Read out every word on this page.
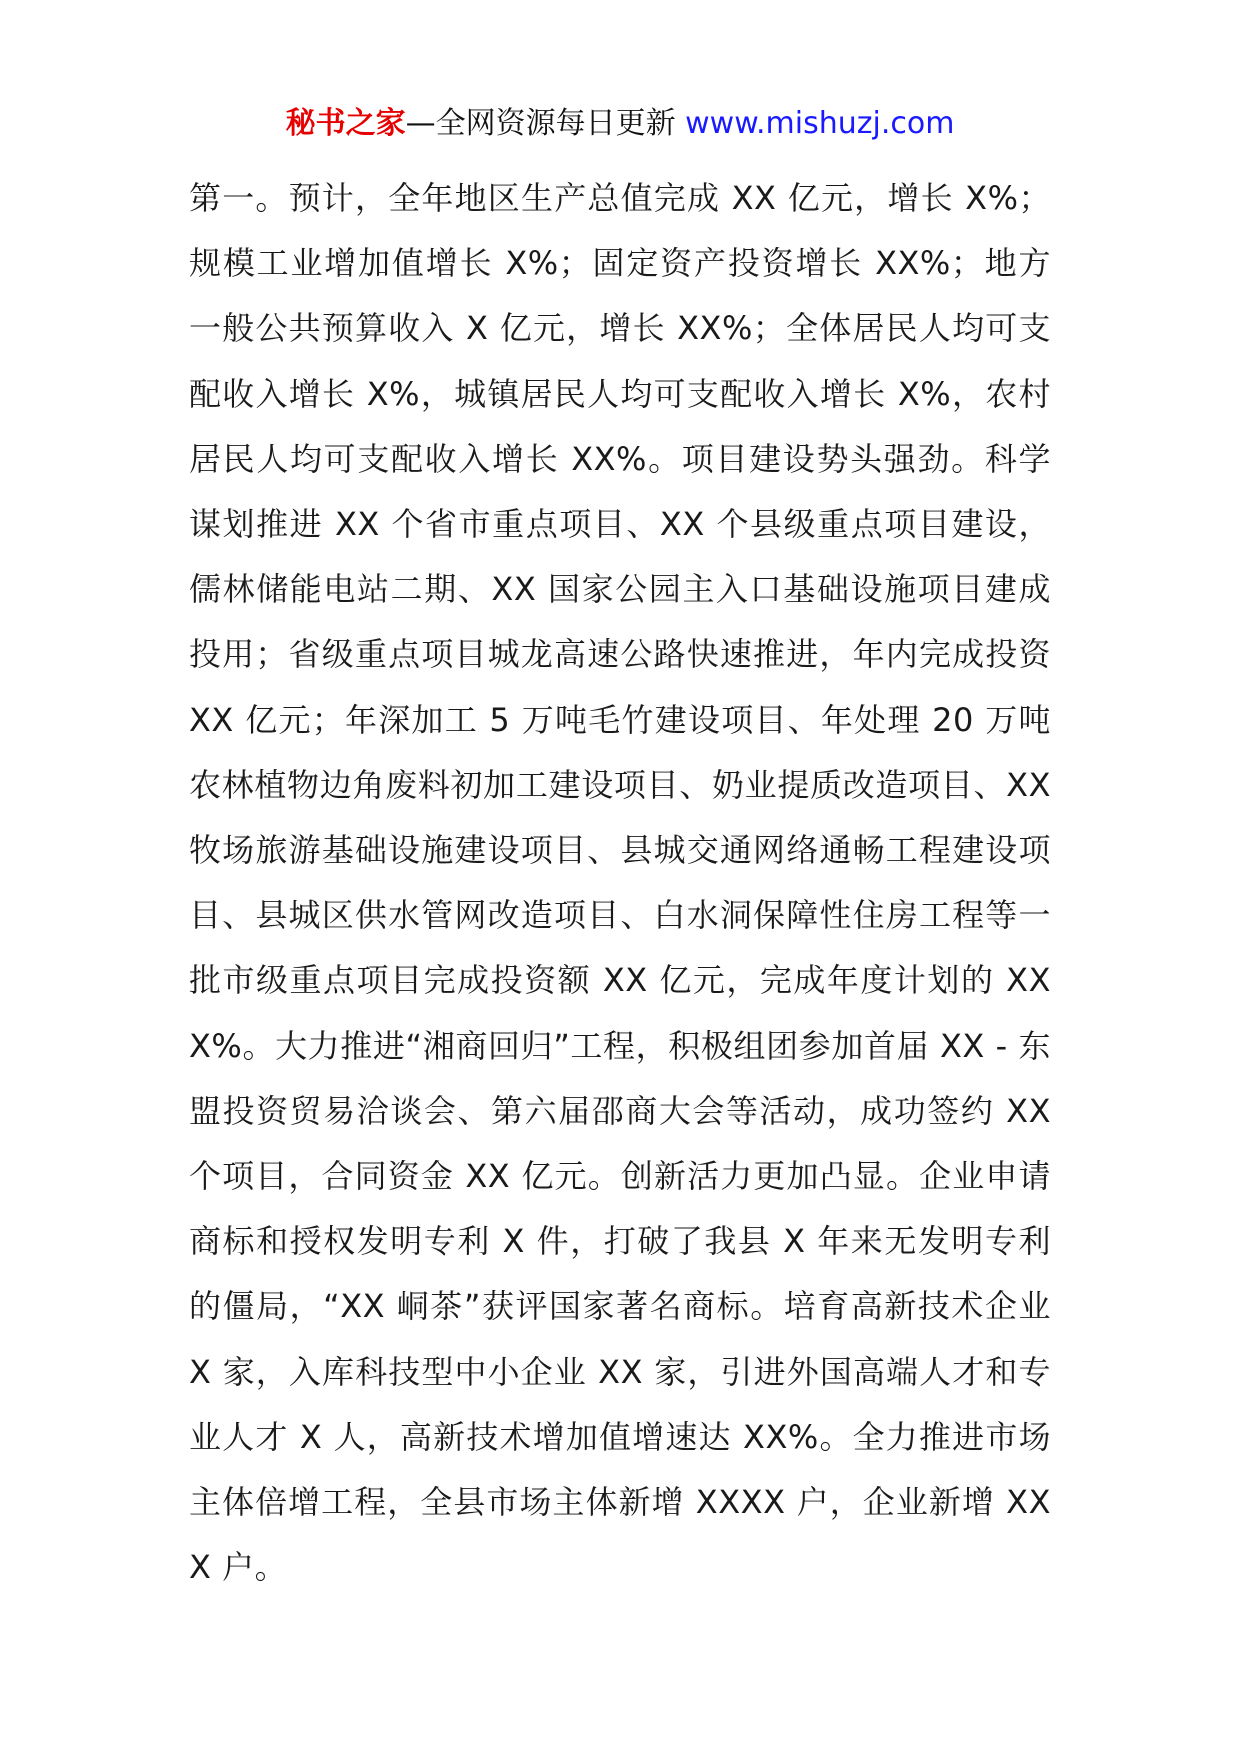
秘书之家—全网资源每日更新 www.mishuzj.com

第一。预计，全年地区生产总值完成 XX 亿元，增长 X%；规模工业增加值增长 X%；固定资产投资增长 XX%；地方一般公共预算收入 X 亿元，增长 XX%；全体居民人均可支配收入增长 X%，城镇居民人均可支配收入增长 X%，农村居民人均可支配收入增长 XX%。项目建设势头强劲。科学谋划推进 XX 个省市重点项目、XX 个县级重点项目建设，儒林储能电站二期、XX 国家公园主入口基础设施项目建成投用；省级重点项目城龙高速公路快速推进，年内完成投资 XX 亿元；年深加工 5 万吨毛竹建设项目、年处理 20 万吨农林植物边角废料初加工建设项目、奶业提质改造项目、XX 牧场旅游基础设施建设项目、县城交通网络通畅工程建设项目、县城区供水管网改造项目、白水洞保障性住房工程等一批市级重点项目完成投资额 XX 亿元，完成年度计划的 XXX%。大力推进“湘商回归”工程，积极组团参加首届 XX - 东盟投资贸易洽谈会、第六届邵商大会等活动，成功签约 XX 个项目，合同资金 XX 亿元。创新活力更加凸显。企业申请商标和授权发明专利 X 件，打破了我县 X 年来无发明专利的僵局，“XX 峒茶”获评国家著名商标。培育高新技术企业 X 家，入库科技型中小企业 XX 家，引进外国高端人才和专业人才 X 人，高新技术增加值增速达 XX%。全力推进市场主体倍增工程，全县市场主体新增 XXXX 户，企业新增 XXX 户。
